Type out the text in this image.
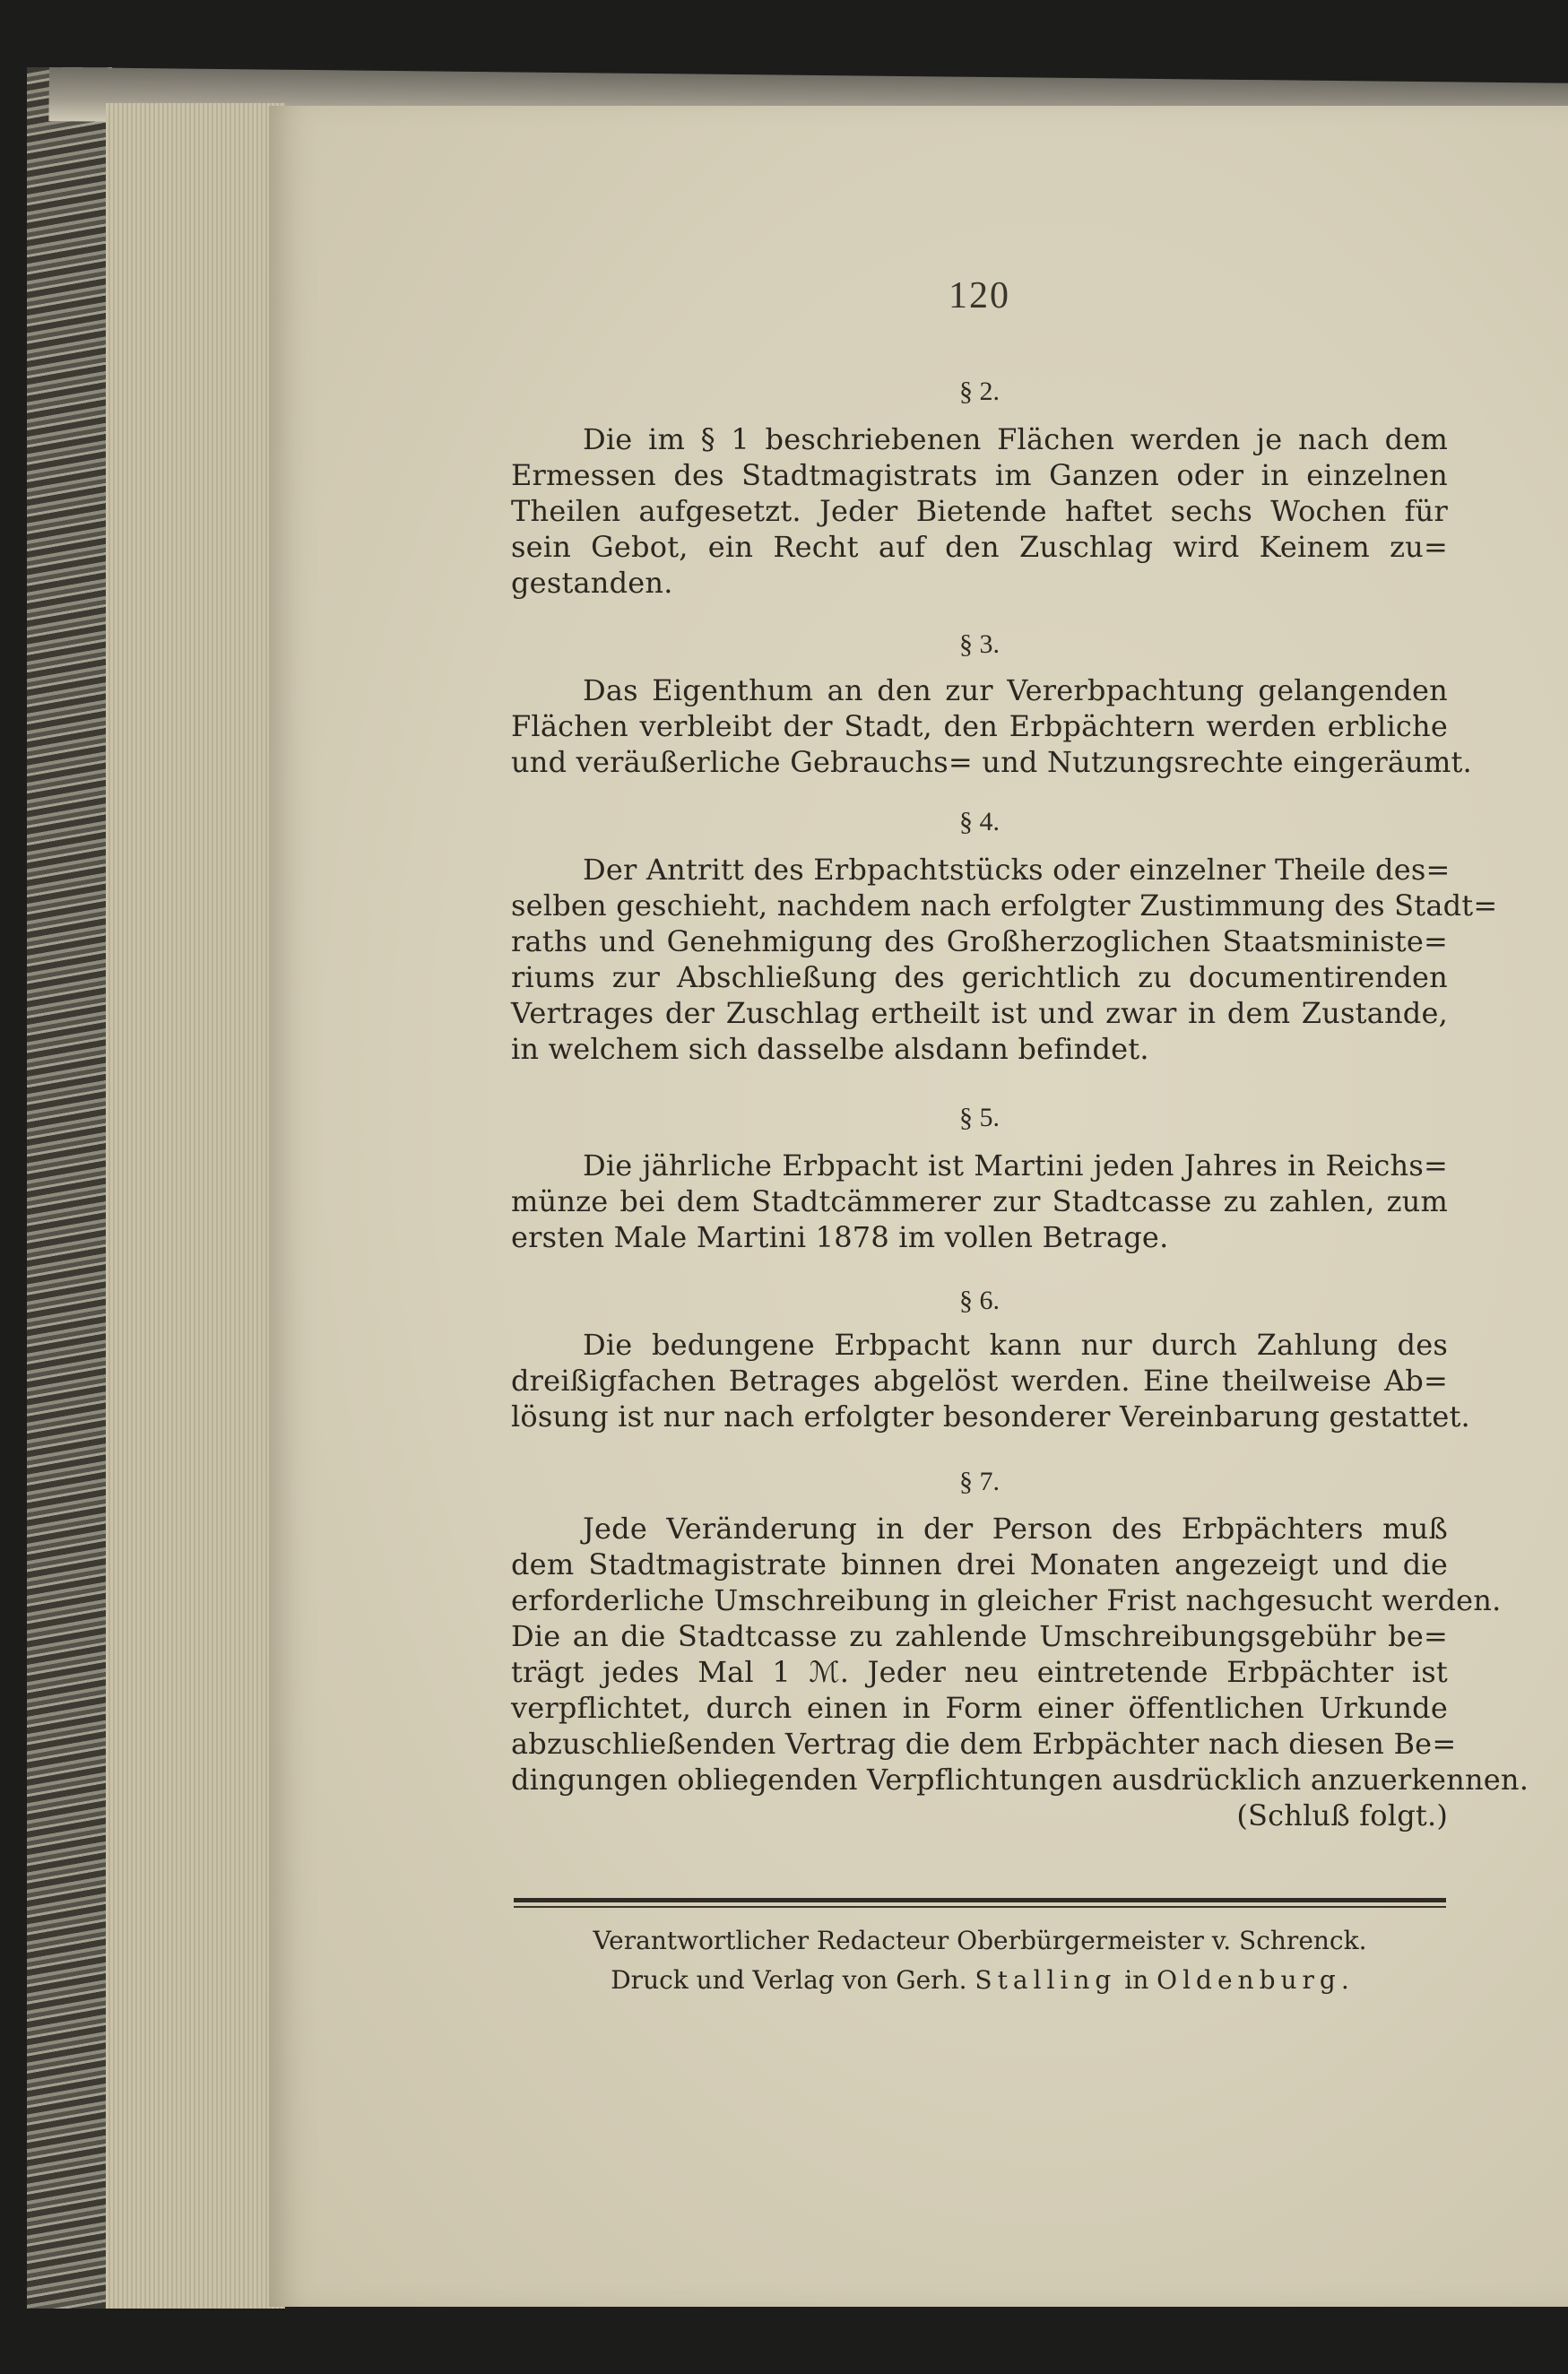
120
§ 2.
Die im § 1 beschriebenen Flächen werden je nach dem
Ermessen des Stadtmagistrats im Ganzen oder in einzelnen
Theilen aufgesetzt. Jeder Bietende haftet sechs Wochen für
sein Gebot, ein Recht auf den Zuschlag wird Keinem zu=
gestanden.
§ 3.
Das Eigenthum an den zur Vererbpachtung gelangenden
Flächen verbleibt der Stadt, den Erbpächtern werden erbliche
und veräußerliche Gebrauchs= und Nutzungsrechte eingeräumt.
§ 4.
Der Antritt des Erbpachtstücks oder einzelner Theile des=
selben geschieht, nachdem nach erfolgter Zustimmung des Stadt=
raths und Genehmigung des Großherzoglichen Staatsministe=
riums zur Abschließung des gerichtlich zu documentirenden
Vertrages der Zuschlag ertheilt ist und zwar in dem Zustande,
in welchem sich dasselbe alsdann befindet.
§ 5.
Die jährliche Erbpacht ist Martini jeden Jahres in Reichs=
münze bei dem Stadtcämmerer zur Stadtcasse zu zahlen, zum
ersten Male Martini 1878 im vollen Betrage.
§ 6.
Die bedungene Erbpacht kann nur durch Zahlung des
dreißigfachen Betrages abgelöst werden. Eine theilweise Ab=
lösung ist nur nach erfolgter besonderer Vereinbarung gestattet.
§ 7.
Jede Veränderung in der Person des Erbpächters muß
dem Stadtmagistrate binnen drei Monaten angezeigt und die
erforderliche Umschreibung in gleicher Frist nachgesucht werden.
Die an die Stadtcasse zu zahlende Umschreibungsgebühr be=
trägt jedes Mal 1 ℳ. Jeder neu eintretende Erbpächter ist
verpflichtet, durch einen in Form einer öffentlichen Urkunde
abzuschließenden Vertrag die dem Erbpächter nach diesen Be=
dingungen obliegenden Verpflichtungen ausdrücklich anzuerkennen.
(Schluß folgt.)
Verantwortlicher Redacteur Oberbürgermeister v. Schrenck.
Druck und Verlag von Gerh. Stalling in Oldenburg.
